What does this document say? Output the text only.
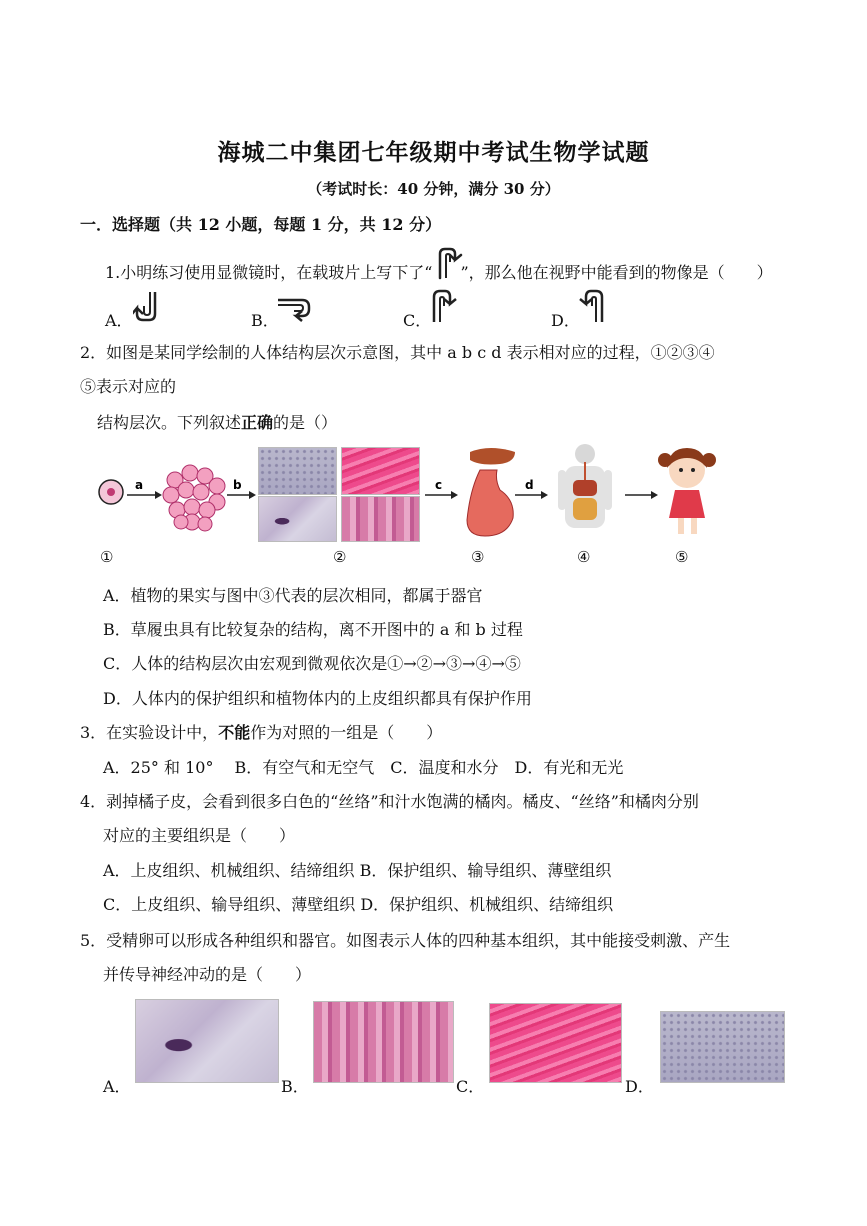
海城二中集团七年级期中考试生物学试题
（考试时长：40 分钟，满分 30 分）
一．选择题（共 12 小题，每题 1 分，共 12 分）
1.小明练习使用显微镜时，在载玻片上写下了“ ”，那么他在视野中能看到的物像是（　　）
A．	B．	C．	D．
2．如图是某同学绘制的人体结构层次示意图，其中 a b c d 表示相对应的过程，①②③④
⑤表示对应的
结构层次。下列叙述正确的是（）
a	b	c	d
①	②	③	④	⑤
A．植物的果实与图中③代表的层次相同，都属于器官
B．草履虫具有比较复杂的结构，离不开图中的 a 和 b 过程
C．人体的结构层次由宏观到微观依次是①→②→③→④→⑤
D．人体内的保护组织和植物体内的上皮组织都具有保护作用
3．在实验设计中，不能作为对照的一组是（　　）
A．25° 和 10°　 B．有空气和无空气　C．温度和水分　D．有光和无光
4．剥掉橘子皮，会看到很多白色的“丝络”和汁水饱满的橘肉。橘皮、“丝络”和橘肉分别
对应的主要组织是（　　）
A．上皮组织、机械组织、结缔组织 B．保护组织、输导组织、薄壁组织
C．上皮组织、输导组织、薄壁组织 D．保护组织、机械组织、结缔组织
5．受精卵可以形成各种组织和器官。如图表示人体的四种基本组织，其中能接受刺激、产生
并传导神经冲动的是（　　）
A．	B．	C．	D．
